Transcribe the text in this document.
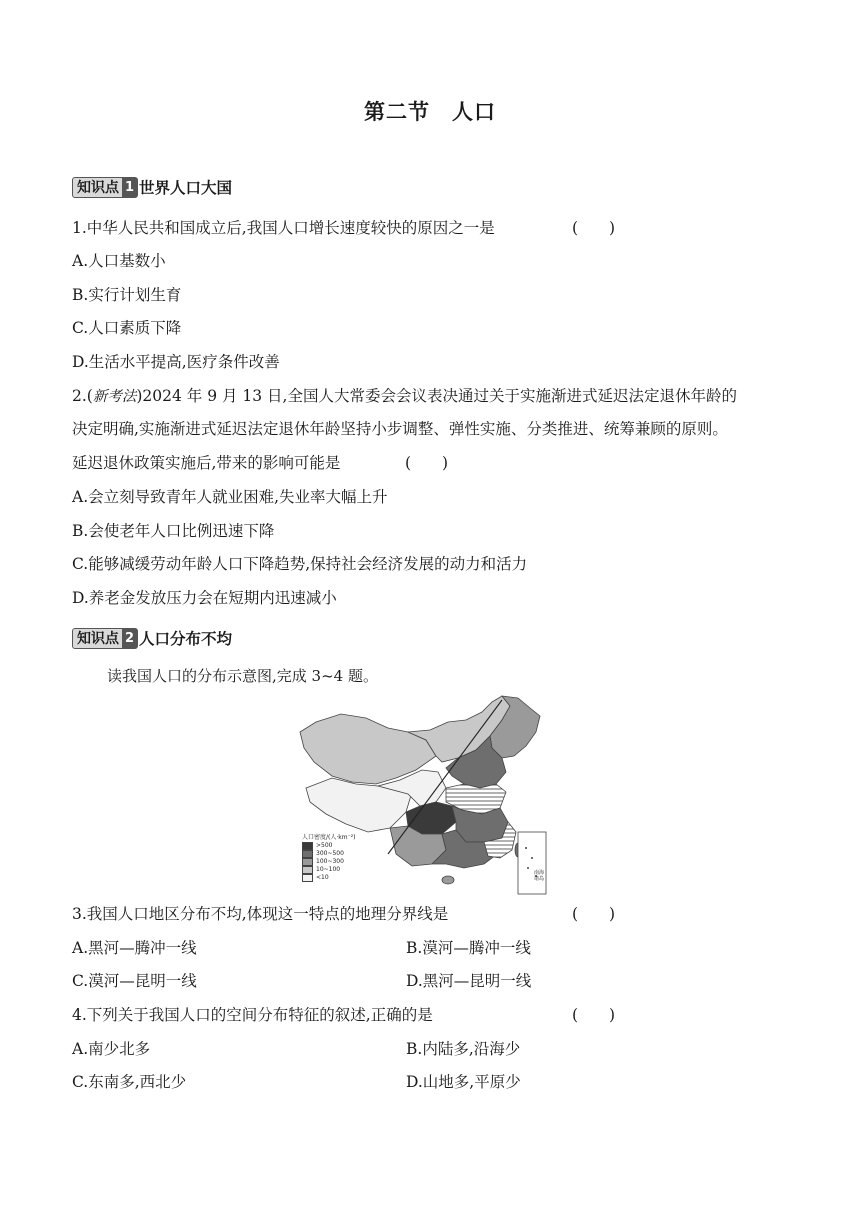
第二节　人口
知识点 1 世界人口大国
1.中华人民共和国成立后,我国人口增长速度较快的原因之一是	(　　)
A.人口基数小
B.实行计划生育
C.人口素质下降
D.生活水平提高,医疗条件改善
2.(新考法)2024 年 9 月 13 日,全国人大常委会会议表决通过关于实施渐进式延迟法定退休年龄的
决定明确,实施渐进式延迟法定退休年龄坚持小步调整、弹性实施、分类推进、统筹兼顾的原则。
延迟退休政策实施后,带来的影响可能是	(　　)
A.会立刻导致青年人就业困难,失业率大幅上升
B.会使老年人口比例迅速下降
C.能够减缓劳动年龄人口下降趋势,保持社会经济发展的动力和活力
D.养老金发放压力会在短期内迅速减小
知识点 2 人口分布不均
读我国人口的分布示意图,完成 3~4 题。
人口密度/(人·km⁻²)
>500
300~500
100~300
10~100
<10
南海诸岛
3.我国人口地区分布不均,体现这一特点的地理分界线是	(　　)
A.黑河—腾冲一线	B.漠河—腾冲一线
C.漠河—昆明一线	D.黑河—昆明一线
4.下列关于我国人口的空间分布特征的叙述,正确的是	(　　)
A.南少北多	B.内陆多,沿海少
C.东南多,西北少	D.山地多,平原少
